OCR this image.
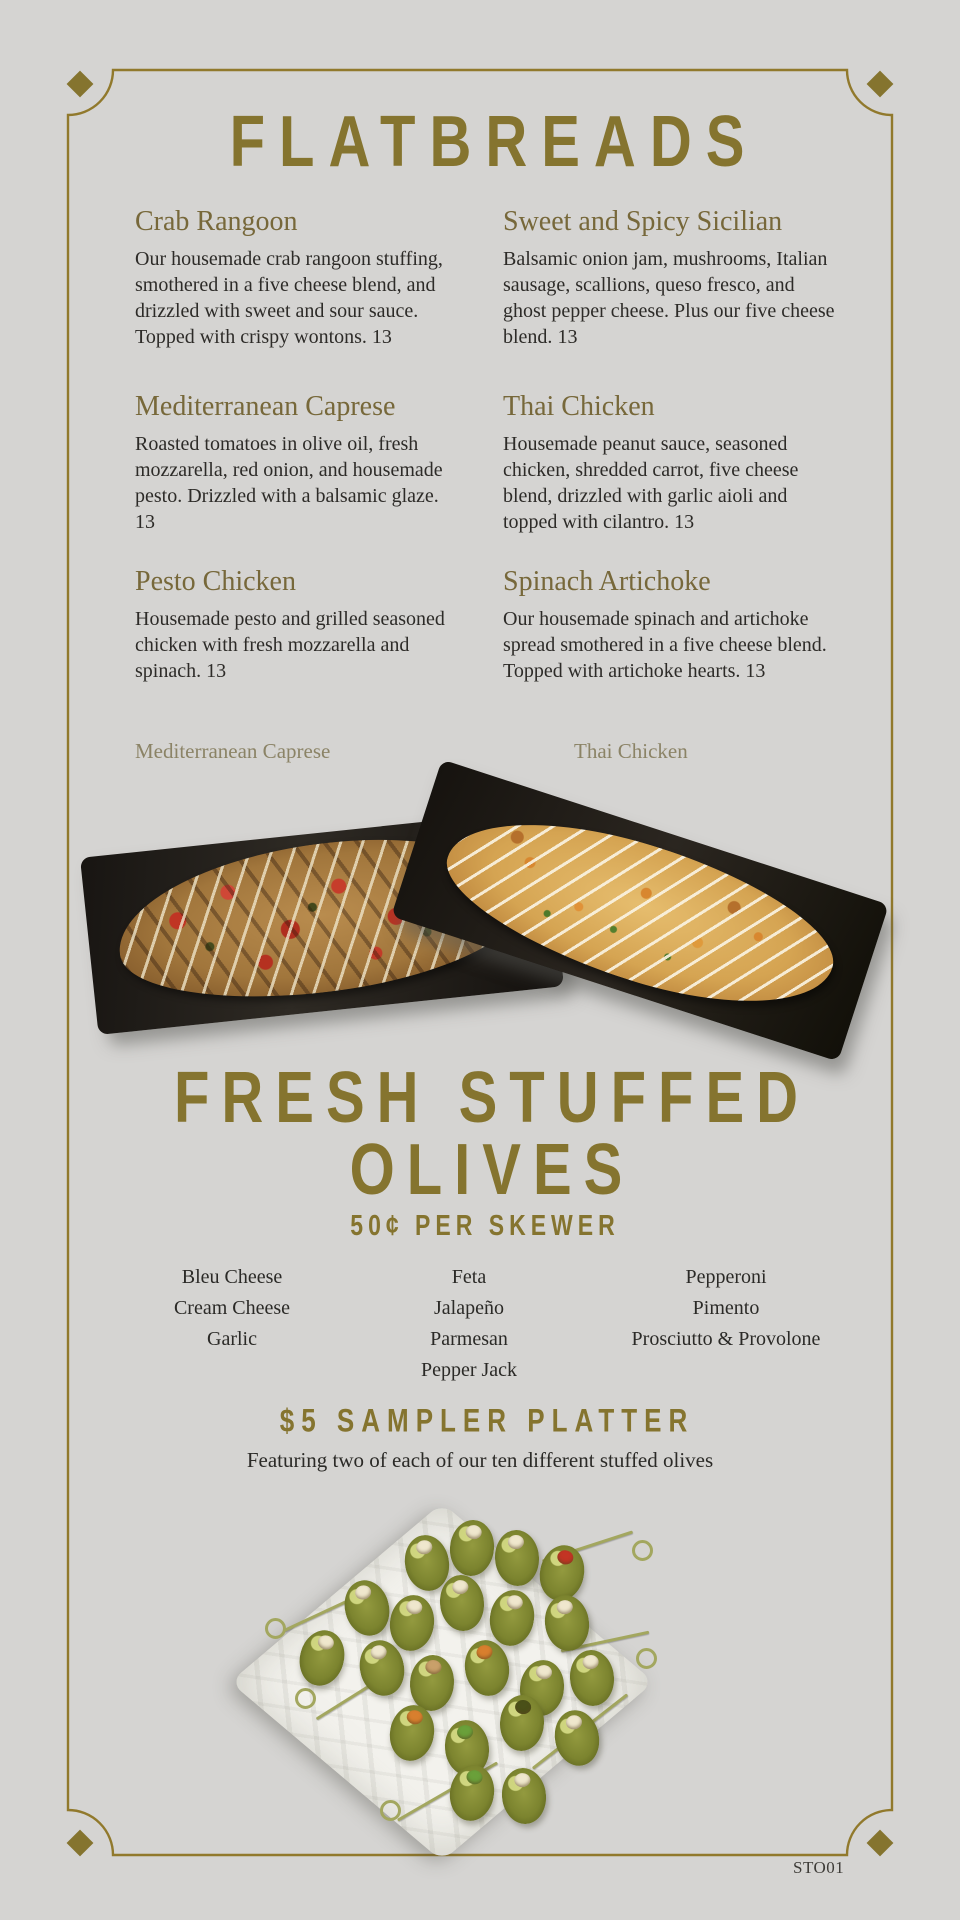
FLATBREADS
Crab Rangoon

Our housemade crab rangoon stuffing, smothered in a five cheese blend, and drizzled with sweet and sour sauce. Topped with crispy wontons. 13

Mediterranean Caprese

Roasted tomatoes in olive oil, fresh mozzarella, red onion, and housemade pesto. Drizzled with a balsamic glaze. 13

Pesto Chicken

Housemade pesto and grilled seasoned chicken with fresh mozzarella and spinach. 13

Sweet and Spicy Sicilian

Balsamic onion jam, mushrooms, Italian sausage, scallions, queso fresco, and ghost pepper cheese. Plus our five cheese blend. 13

Thai Chicken

Housemade peanut sauce, seasoned chicken, shredded carrot, five cheese blend, drizzled with garlic aioli and topped with cilantro. 13

Spinach Artichoke

Our housemade spinach and artichoke spread smothered in a five cheese blend. Topped with artichoke hearts. 13

Mediterranean Caprese	Thai Chicken
FRESH STUFFED
OLIVES
50¢ PER SKEWER
Bleu Cheese
Cream Cheese
Garlic
Feta
Jalapeño
Parmesan
Pepper Jack
Pepperoni
Pimento
Prosciutto & Provolone
$5 SAMPLER PLATTER
Featuring two of each of our ten different stuffed olives
STO01
